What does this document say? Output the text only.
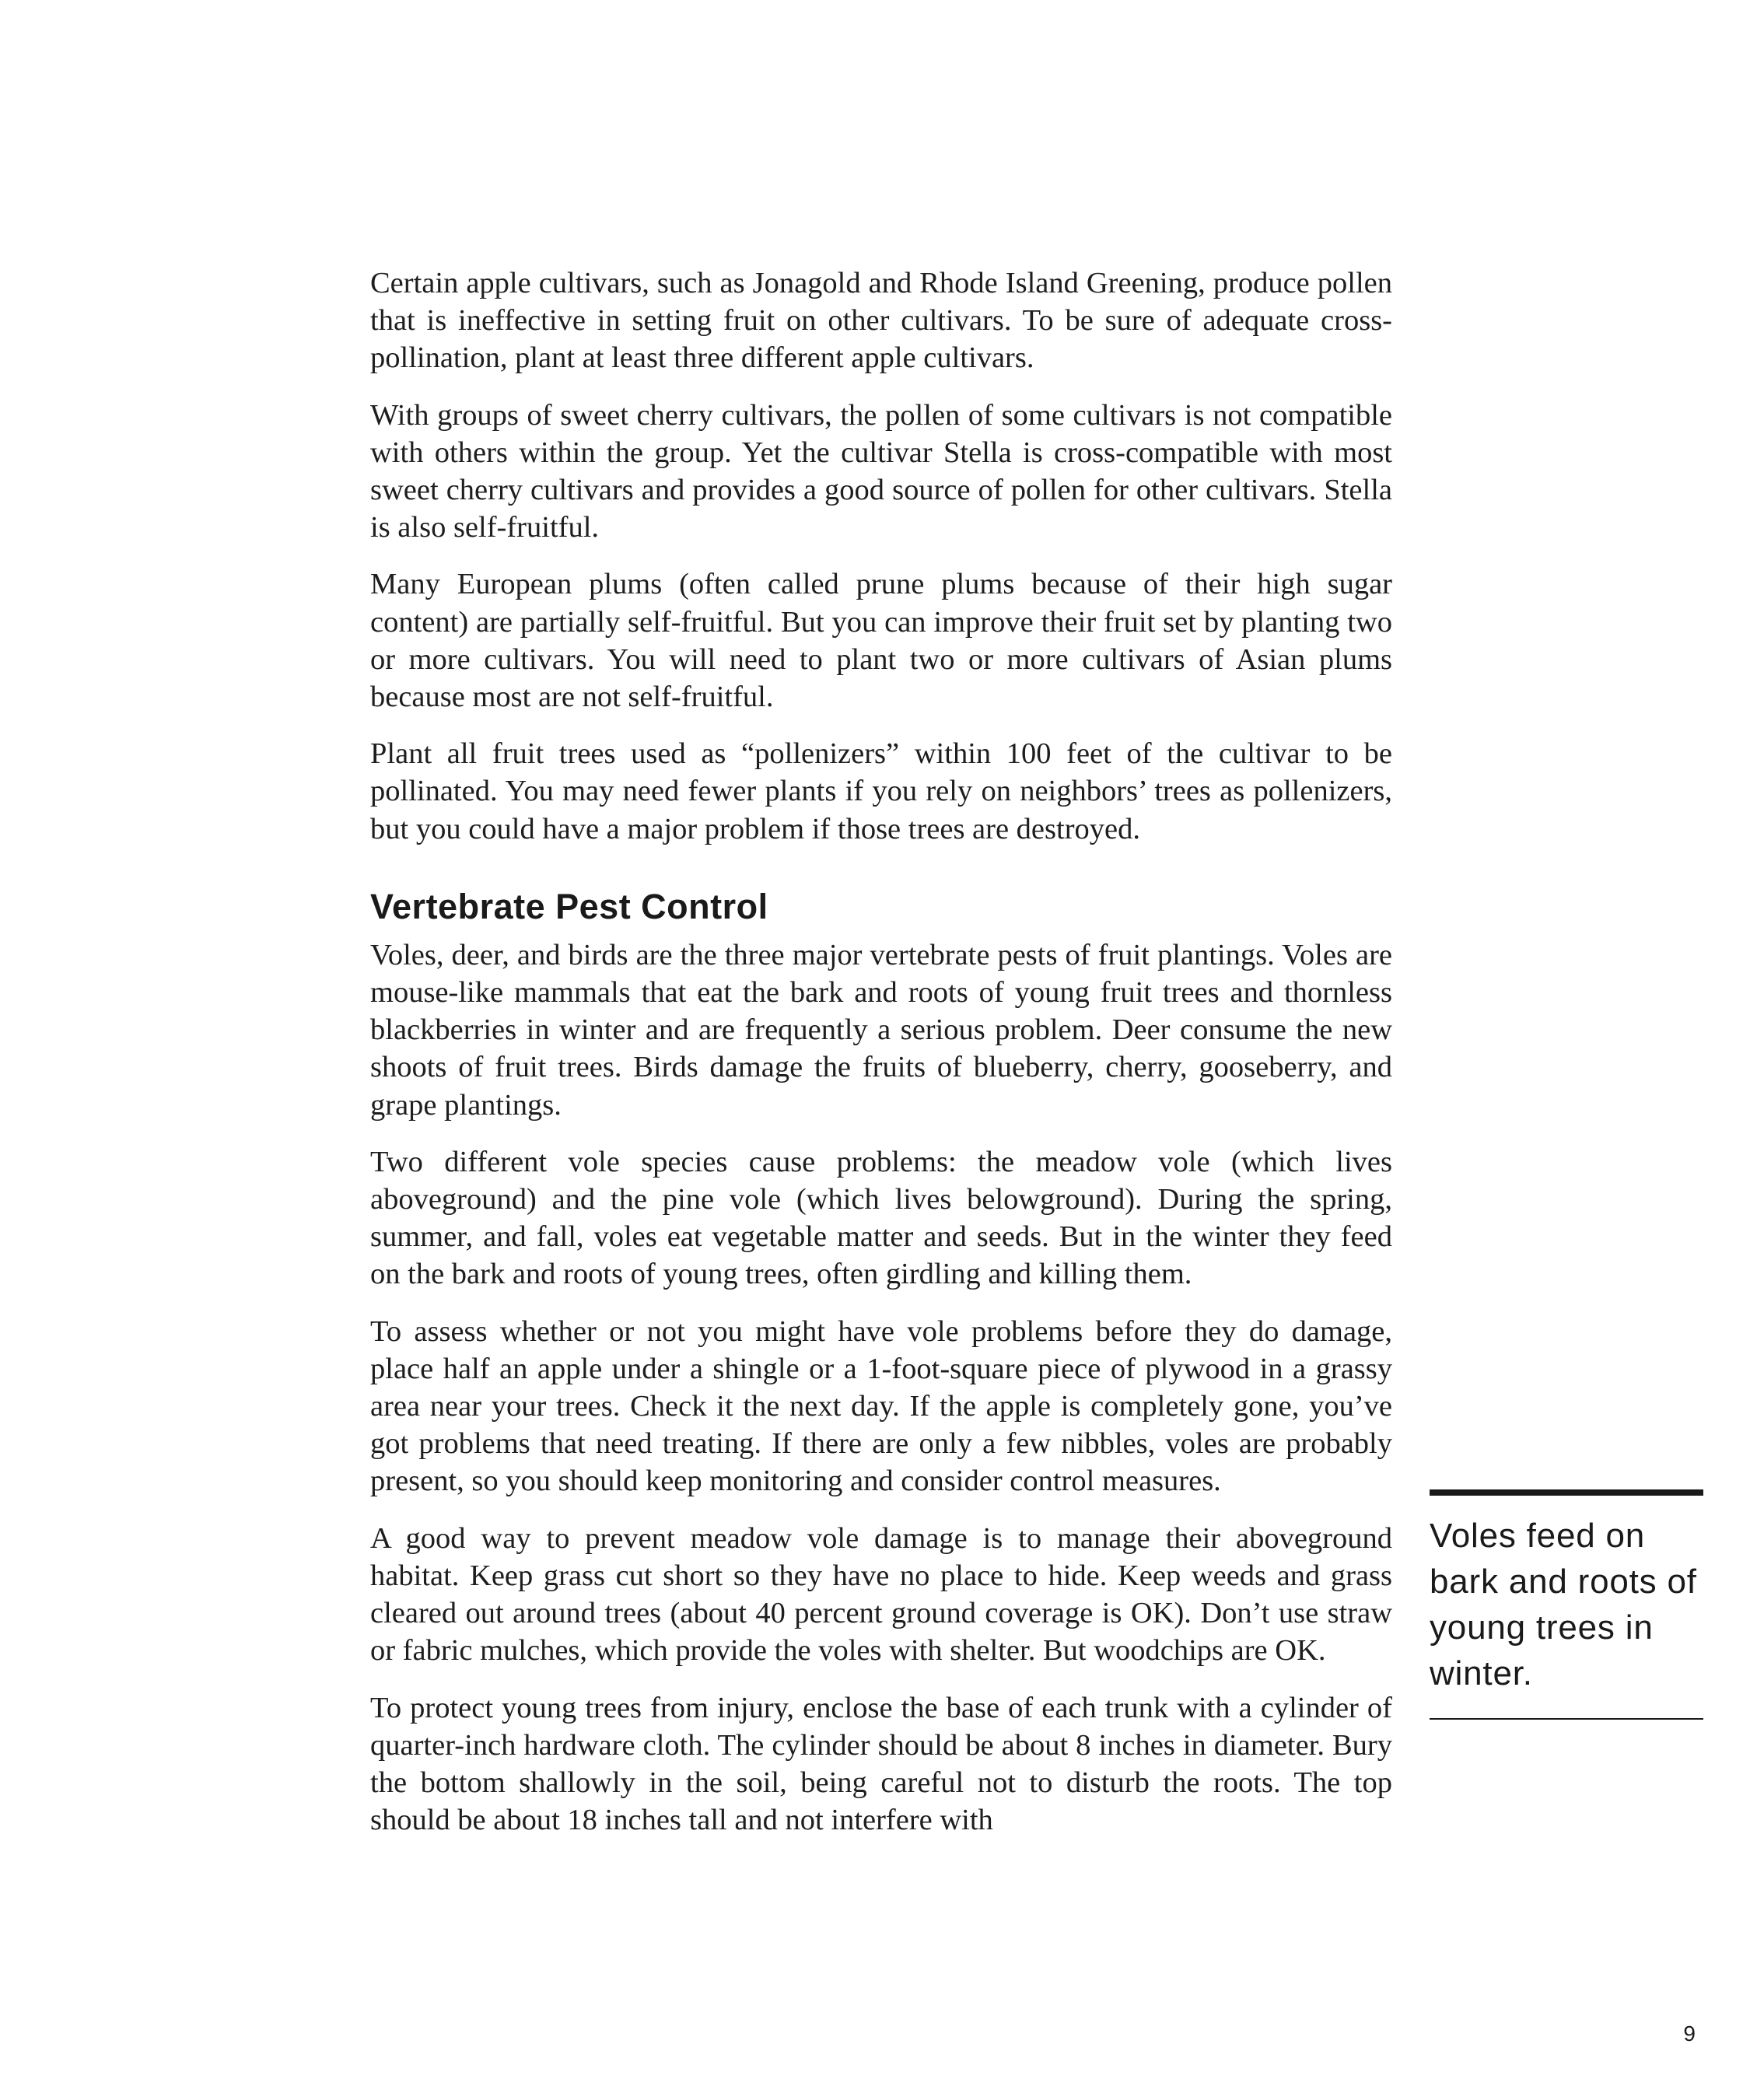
Certain apple cultivars, such as Jonagold and Rhode Island Greening, produce pollen that is ineffective in setting fruit on other cultivars. To be sure of adequate cross-pollination, plant at least three different apple cultivars.

With groups of sweet cherry cultivars, the pollen of some cultivars is not compatible with others within the group. Yet the cultivar Stella is cross-compatible with most sweet cherry cultivars and provides a good source of pollen for other cultivars. Stella is also self-fruitful.

Many European plums (often called prune plums because of their high sugar content) are partially self-fruitful. But you can improve their fruit set by planting two or more cultivars. You will need to plant two or more cultivars of Asian plums because most are not self-fruitful.

Plant all fruit trees used as “pollenizers” within 100 feet of the cultivar to be pollinated. You may need fewer plants if you rely on neighbors’ trees as pollenizers, but you could have a major problem if those trees are destroyed.

Vertebrate Pest Control

Voles, deer, and birds are the three major vertebrate pests of fruit plantings. Voles are mouse-like mammals that eat the bark and roots of young fruit trees and thornless blackberries in winter and are frequently a serious problem. Deer consume the new shoots of fruit trees. Birds damage the fruits of blueberry, cherry, gooseberry, and grape plantings.

Two different vole species cause problems: the meadow vole (which lives aboveground) and the pine vole (which lives belowground). During the spring, summer, and fall, voles eat vegetable matter and seeds. But in the winter they feed on the bark and roots of young trees, often girdling and killing them.

To assess whether or not you might have vole problems before they do damage, place half an apple under a shingle or a 1-foot-square piece of plywood in a grassy area near your trees. Check it the next day. If the apple is completely gone, you’ve got problems that need treating. If there are only a few nibbles, voles are probably present, so you should keep monitoring and consider control measures.

A good way to prevent meadow vole damage is to manage their aboveground habitat. Keep grass cut short so they have no place to hide. Keep weeds and grass cleared out around trees (about 40 percent ground coverage is OK). Don’t use straw or fabric mulches, which provide the voles with shelter. But woodchips are OK.

To protect young trees from injury, enclose the base of each trunk with a cylinder of quarter-inch hardware cloth. The cylinder should be about 8 inches in diameter. Bury the bottom shallowly in the soil, being careful not to disturb the roots. The top should be about 18 inches tall and not interfere with

Voles feed on bark and roots of young trees in winter.
9
